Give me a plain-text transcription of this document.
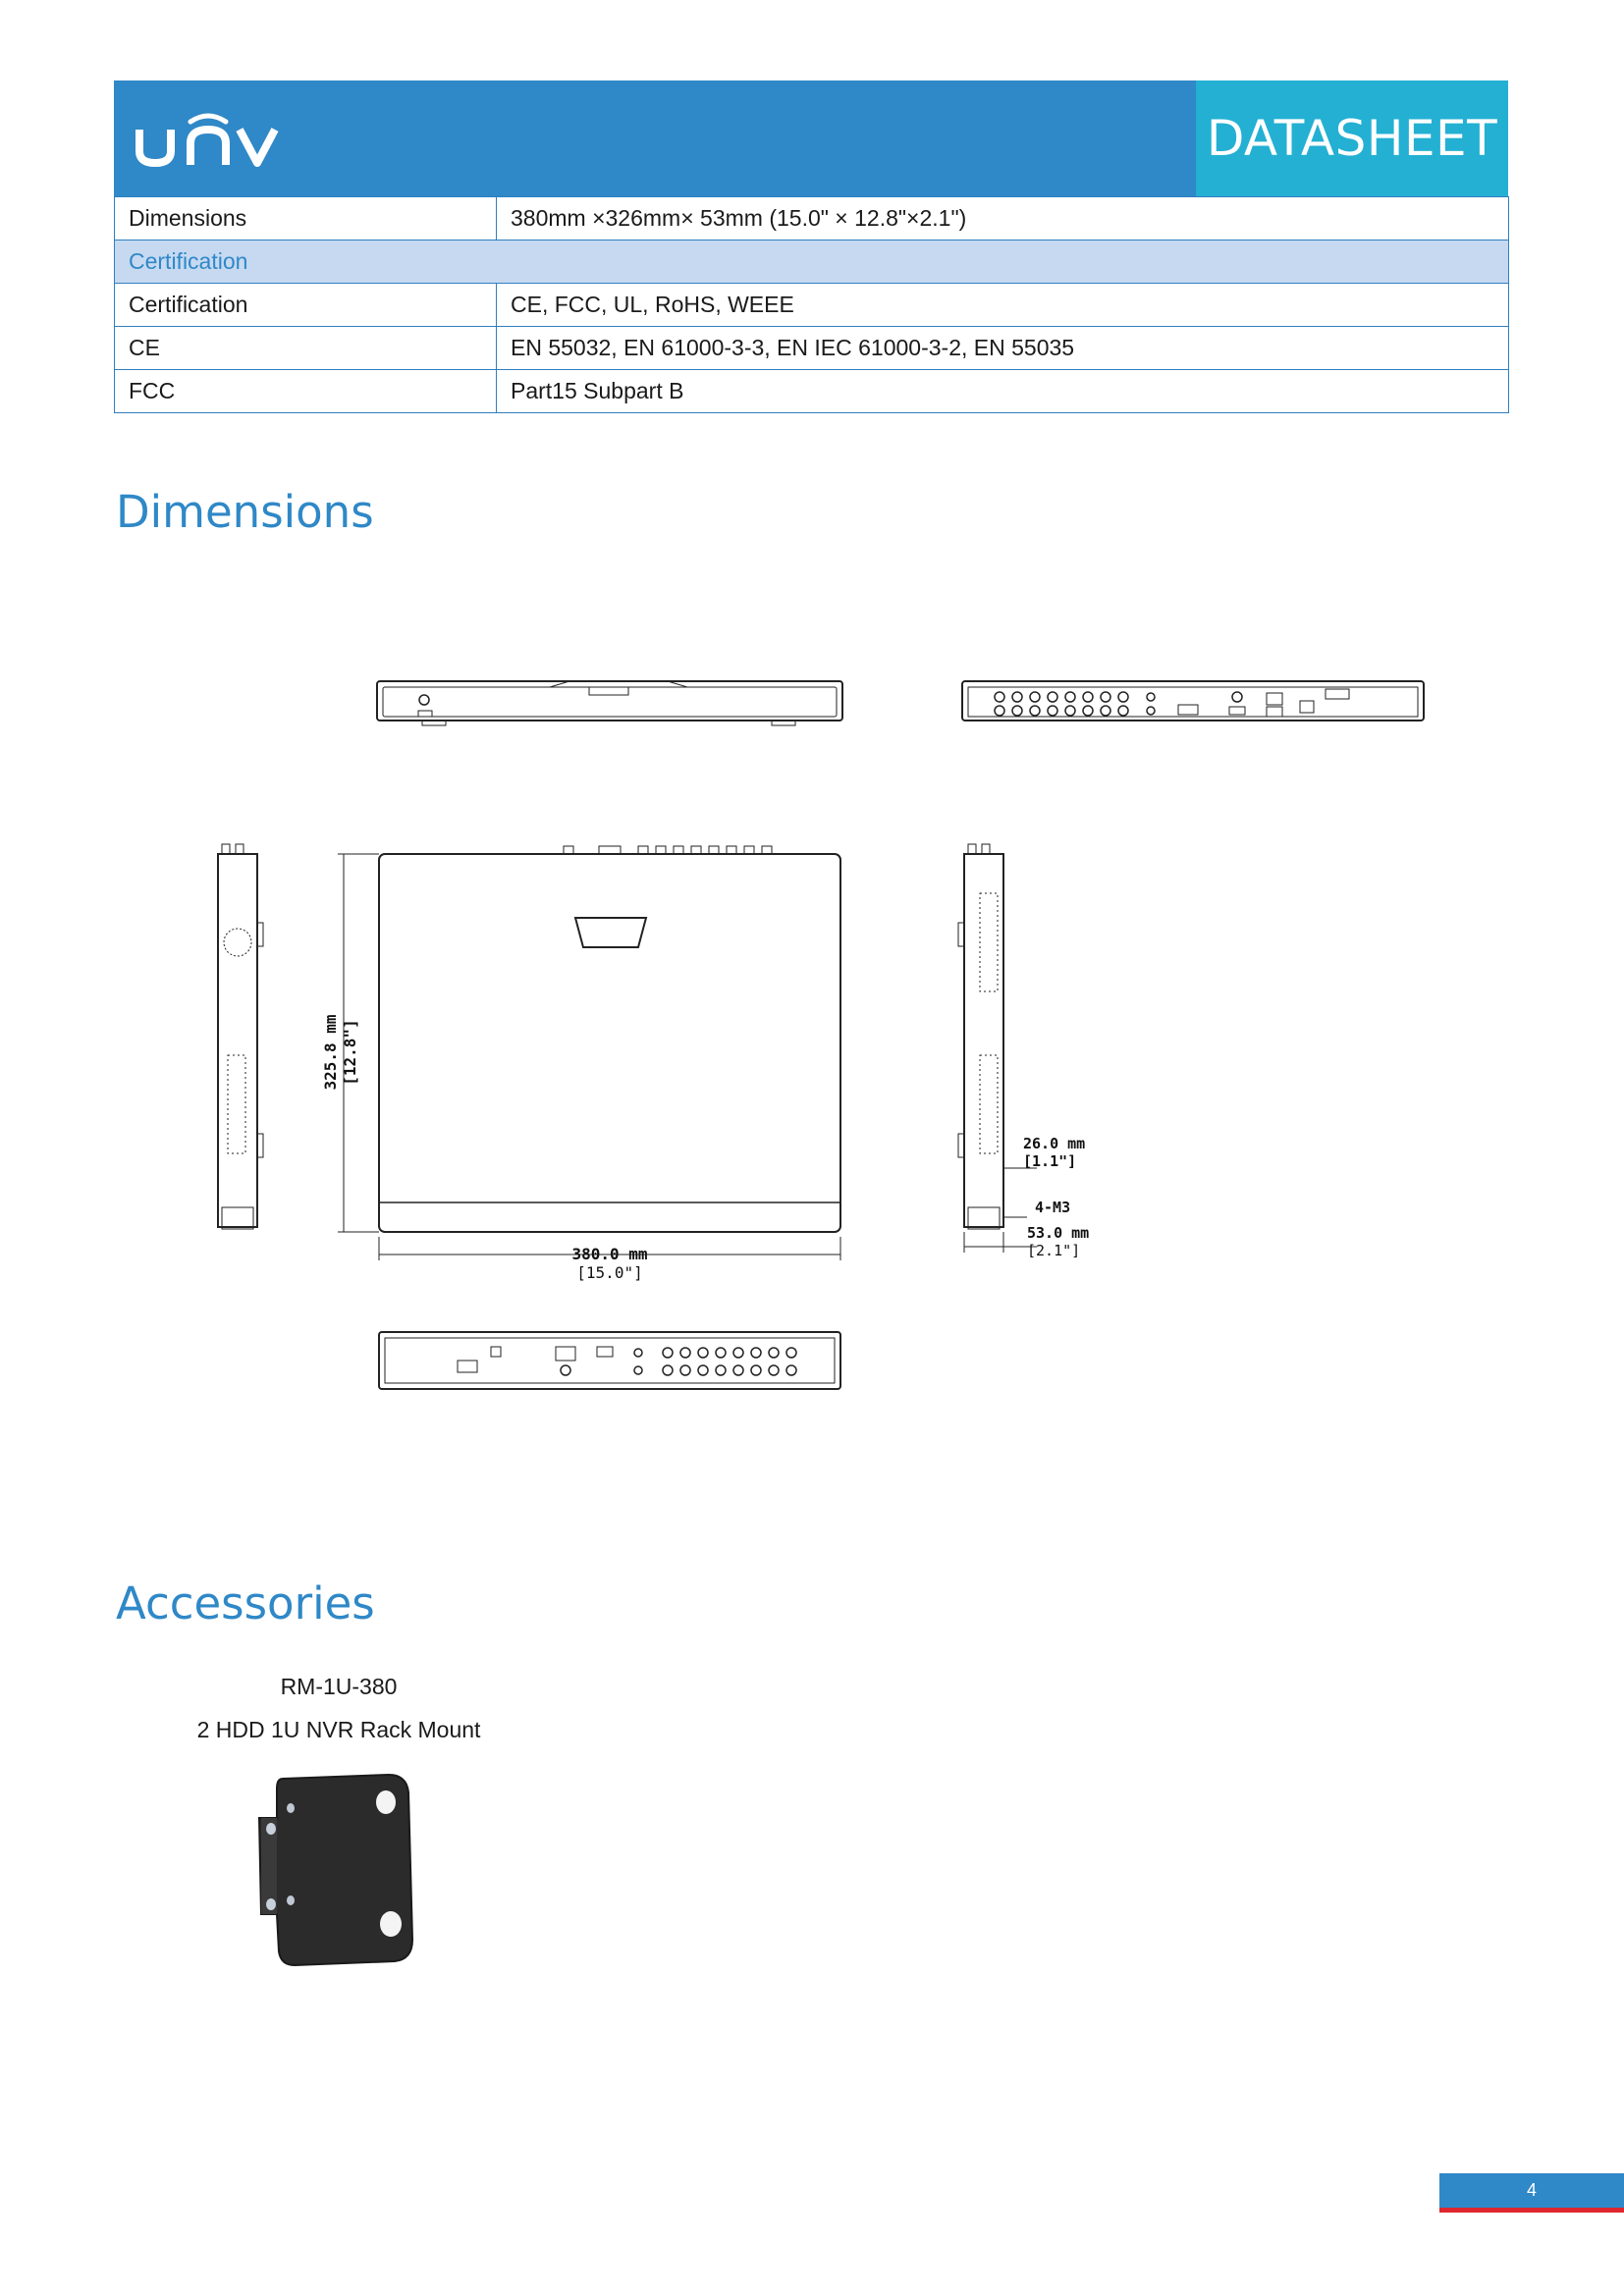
DATASHEET
Dimensions	380mm ×326mm× 53mm (15.0" × 12.8"×2.1")
Certification	
Certification	CE, FCC, UL, RoHS, WEEE
CE	EN 55032, EN 61000-3-3, EN IEC 61000-3-2, EN 55035
FCC	Part15 Subpart B
Dimensions
325.8 mm [12.8"]
380.0 mm
[15.0"]
26.0 mm
[1.1"]
4-M3
53.0 mm
[2.1"]
Accessories
RM-1U-380
2 HDD 1U NVR Rack Mount
4
